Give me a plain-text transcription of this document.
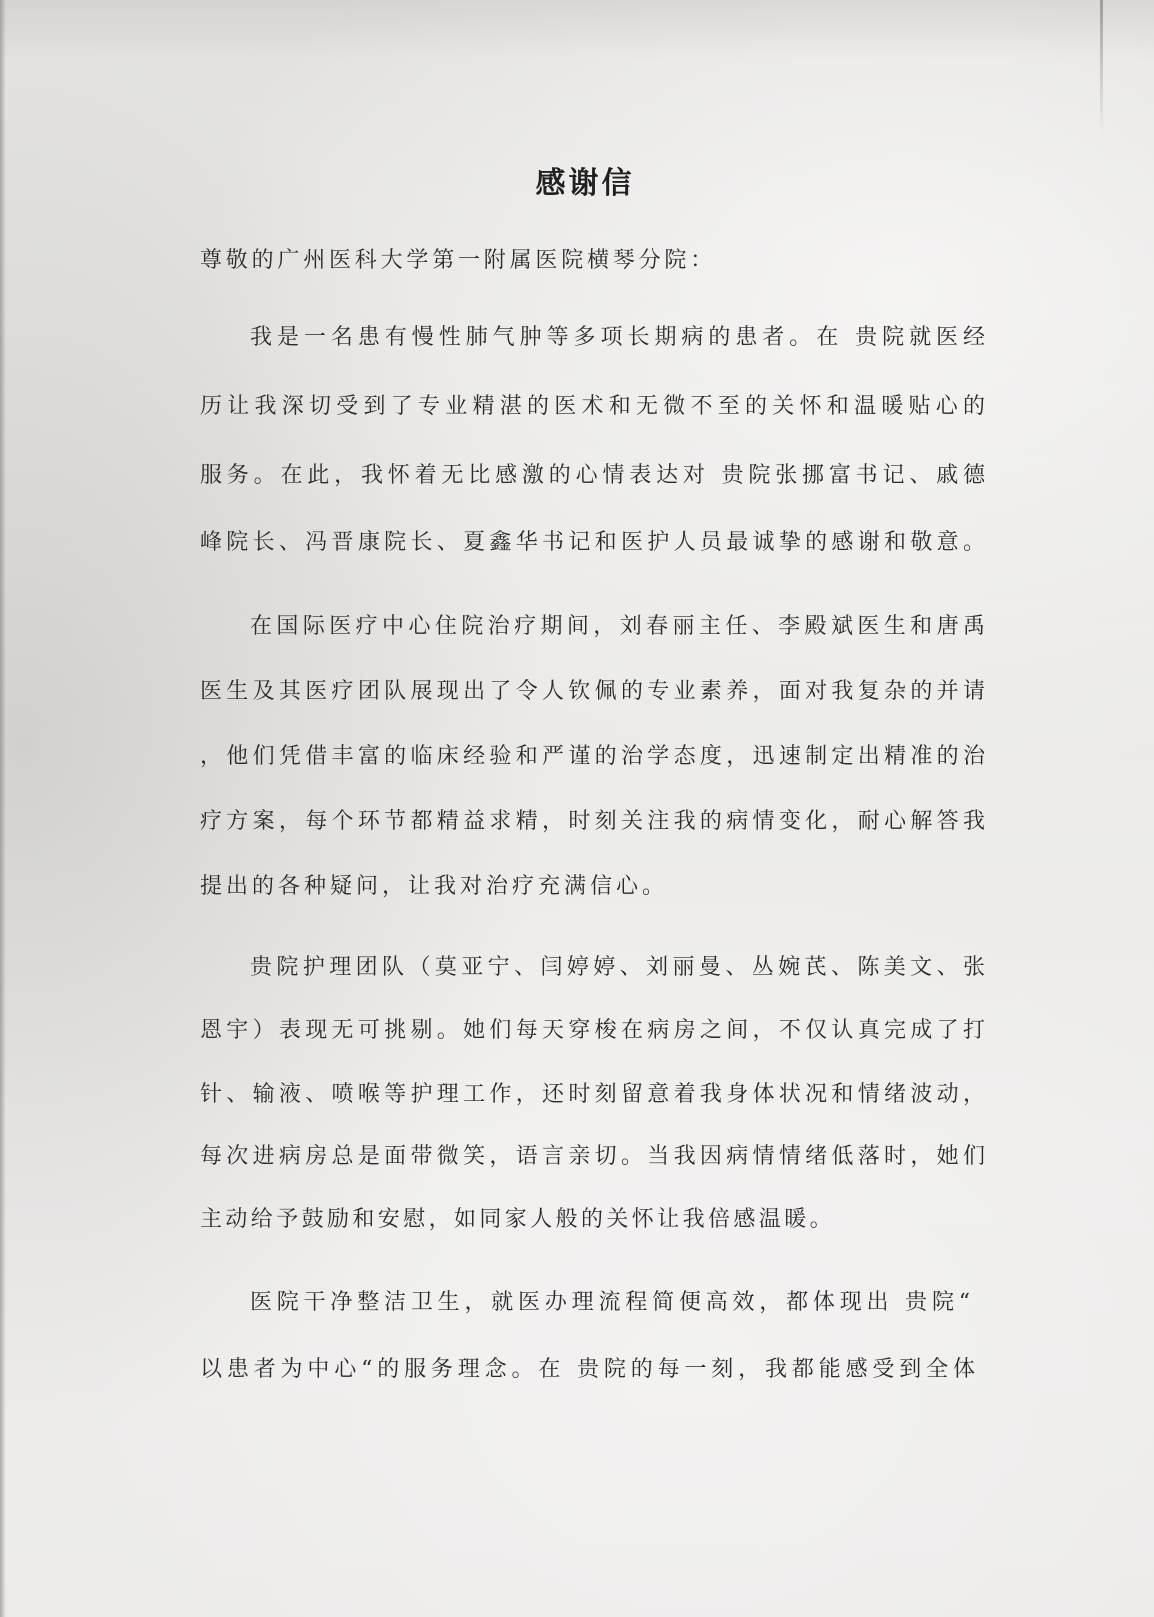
感谢信
尊敬的广州医科大学第一附属医院横琴分院：
我是一名患有慢性肺气肿等多项长期病的患者。在 贵院就医经
历让我深切受到了专业精湛的医术和无微不至的关怀和温暖贴心的
服务。在此，我怀着无比感激的心情表达对 贵院张挪富书记、戚德
峰院长、冯晋康院长、夏鑫华书记和医护人员最诚挚的感谢和敬意。
在国际医疗中心住院治疗期间，刘春丽主任、李殿斌医生和唐禹
医生及其医疗团队展现出了令人钦佩的专业素养，面对我复杂的并请
，他们凭借丰富的临床经验和严谨的治学态度，迅速制定出精准的治
疗方案，每个环节都精益求精，时刻关注我的病情变化，耐心解答我
提出的各种疑问，让我对治疗充满信心。
贵院护理团队（莫亚宁、闫婷婷、刘丽曼、丛婉芪、陈美文、张
恩宇）表现无可挑剔。她们每天穿梭在病房之间，不仅认真完成了打
针、输液、喷喉等护理工作，还时刻留意着我身体状况和情绪波动，
每次进病房总是面带微笑，语言亲切。当我因病情情绪低落时，她们
主动给予鼓励和安慰，如同家人般的关怀让我倍感温暖。
医院干净整洁卫生，就医办理流程简便高效，都体现出 贵院“
以患者为中心“的服务理念。在 贵院的每一刻，我都能感受到全体
